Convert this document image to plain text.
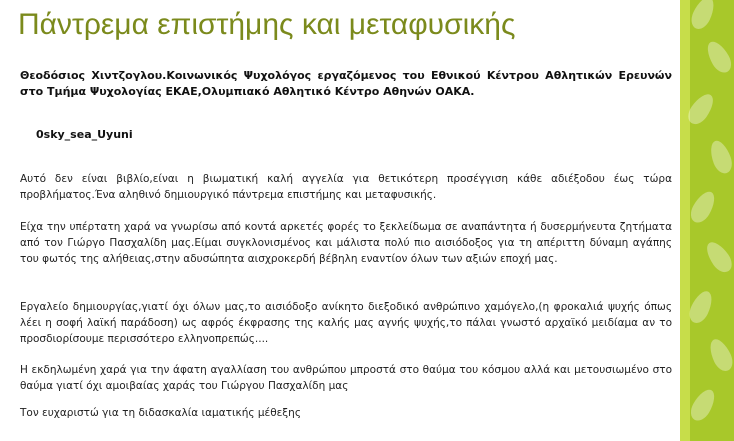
Πάντρεμα επιστήμης και μεταφυσικής

Θεοδόσιος Χιντζογλου.Κοινωνικός Ψυχολόγος εργαζόμενος του Εθνικού Κέντρου Αθλητικών Ερευνών στο Τμήμα Ψυχολογίας ΕΚΑΕ,Ολυμπιακό Αθλητικό Κέντρο Αθηνών ΟΑΚΑ.

0sky_sea_Uyuni

Αυτό δεν είναι βιβλίο,είναι η βιωματική καλή αγγελία για θετικότερη προσέγγιση κάθε αδιέξοδου έως τώρα προβλήματος.Ένα αληθινό δημιουργικό πάντρεμα επιστήμης και μεταφυσικής.

Είχα την υπέρτατη χαρά να γνωρίσω από κοντά αρκετές φορές το ξεκλείδωμα σε αναπάντητα ή δυσερμήνευτα ζητήματα από τον Γιώργο Πασχαλίδη μας.Είμαι συγκλονισμένος και μάλιστα πολύ πιο αισιόδοξος για τη απέριττη δύναμη αγάπης του φωτός της αλήθειας,στην αδυσώπητα αισχροκερδή βέβηλη εναντίον όλων των αξιών εποχή μας.

Εργαλείο δημιουργίας,γιατί όχι όλων μας,το αισιόδοξο ανίκητο διεξοδικό ανθρώπινο χαμόγελο,(η φροκαλιά ψυχής όπως λέει η σοφή λαϊκή παράδοση) ως αφρός έκφρασης της καλής μας αγνής ψυχής,το πάλαι γνωστό αρχαϊκό μειδίαμα αν το προσδιορίσουμε περισσότερο ελληνοπρεπώς....

Η εκδηλωμένη χαρά για την άφατη αγαλλίαση του ανθρώπου μπροστά στο θαύμα του κόσμου αλλά και μετουσιωμένο στο θαύμα γιατί όχι αμοιβαίας χαράς του Γιώργου Πασχαλίδη μας

Τον ευχαριστώ για τη διδασκαλία ιαματικής μέθεξης
